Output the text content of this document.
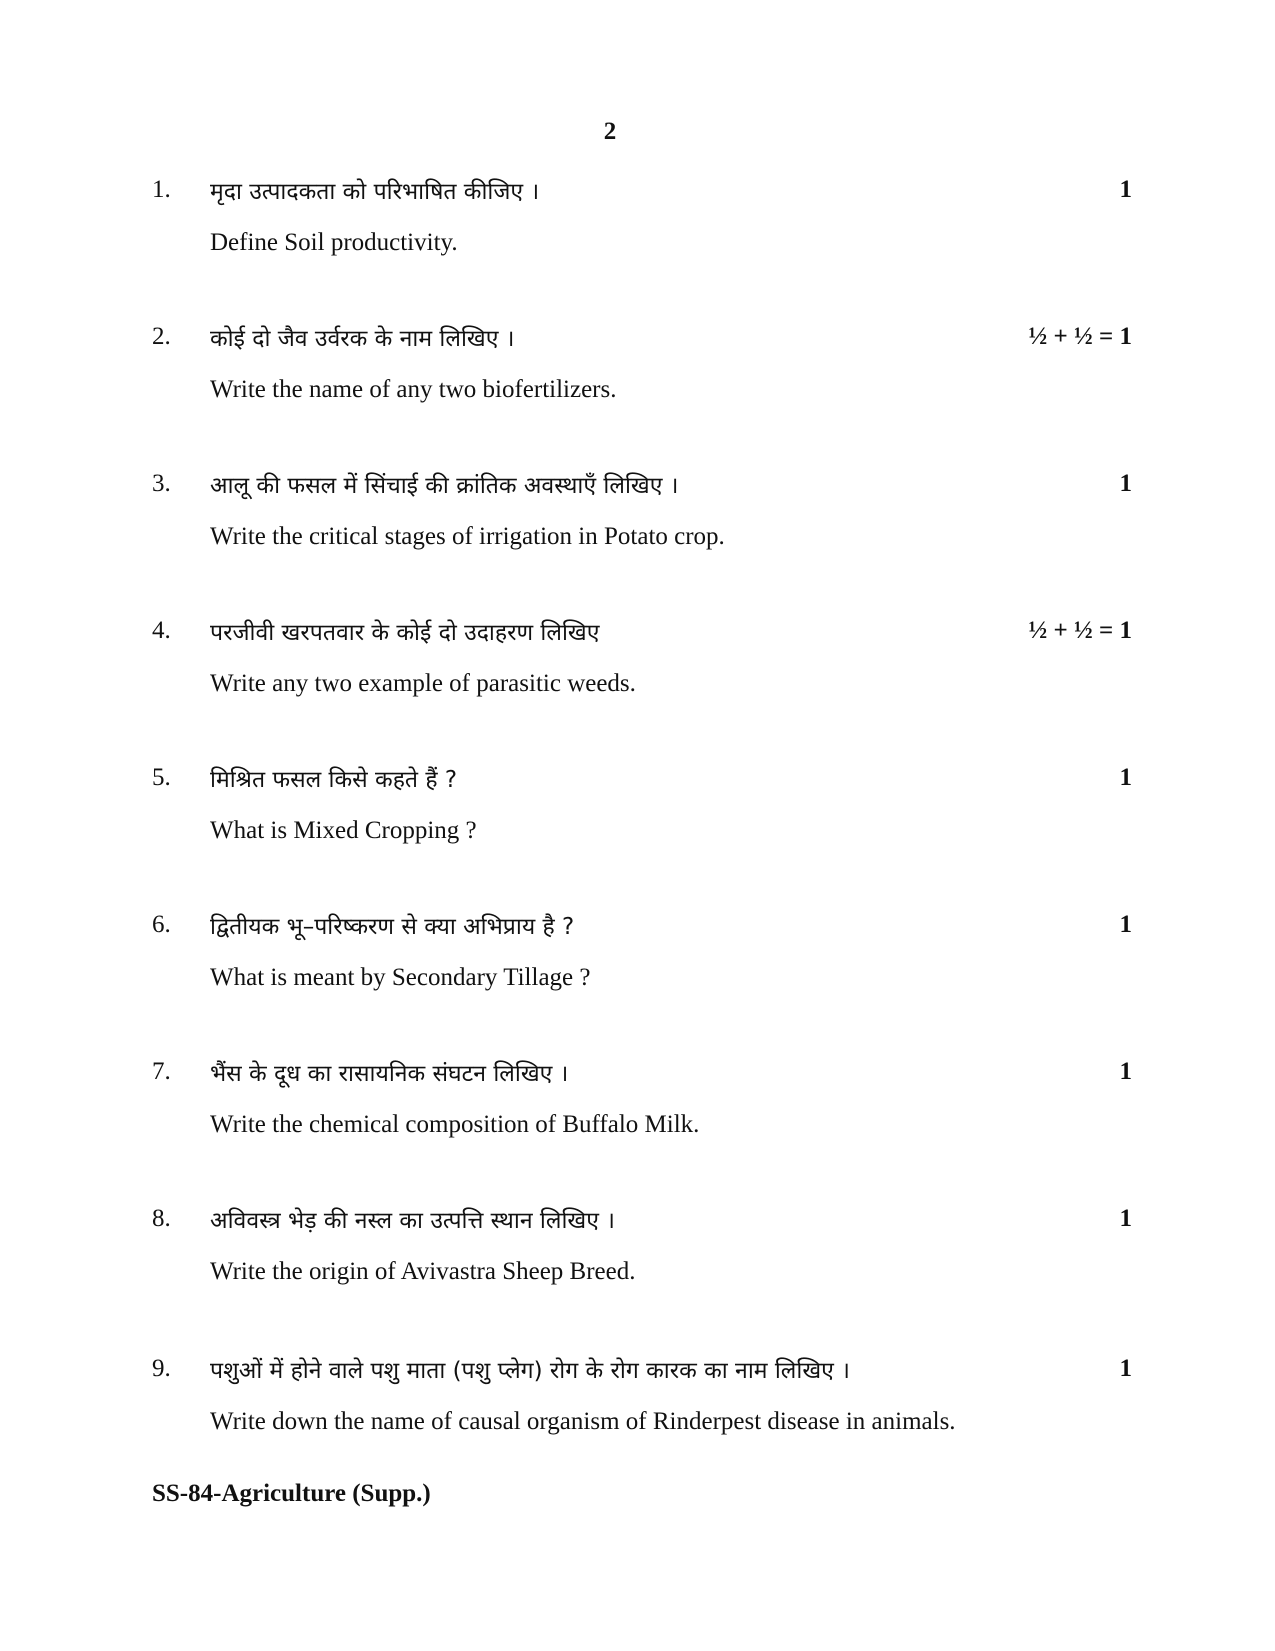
2
1. मृदा उत्पादकता को परिभाषित कीजिए ।
Define Soil productivity.
1
2. कोई दो जैव उर्वरक के नाम लिखिए ।
Write the name of any two biofertilizers.
½ + ½ = 1
3. आलू की फसल में सिंचाई की क्रांतिक अवस्थाएँ लिखिए ।
Write the critical stages of irrigation in Potato crop.
1
4. परजीवी खरपतवार के कोई दो उदाहरण लिखिए
Write any two example of parasitic weeds.
½ + ½ = 1
5. मिश्रित फसल किसे कहते हैं ?
What is Mixed Cropping ?
1
6. द्वितीयक भू–परिष्करण से क्या अभिप्राय है ?
What is meant by Secondary Tillage ?
1
7. भैंस के दूध का रासायनिक संघटन लिखिए ।
Write the chemical composition of Buffalo Milk.
1
8. अविवस्त्र भेड़ की नस्ल का उत्पत्ति स्थान लिखिए ।
Write the origin of Avivastra Sheep Breed.
1
9. पशुओं में होने वाले पशु माता (पशु प्लेग) रोग के रोग कारक का नाम लिखिए ।
Write down the name of causal organism of Rinderpest disease in animals.
1
SS-84-Agriculture (Supp.)
